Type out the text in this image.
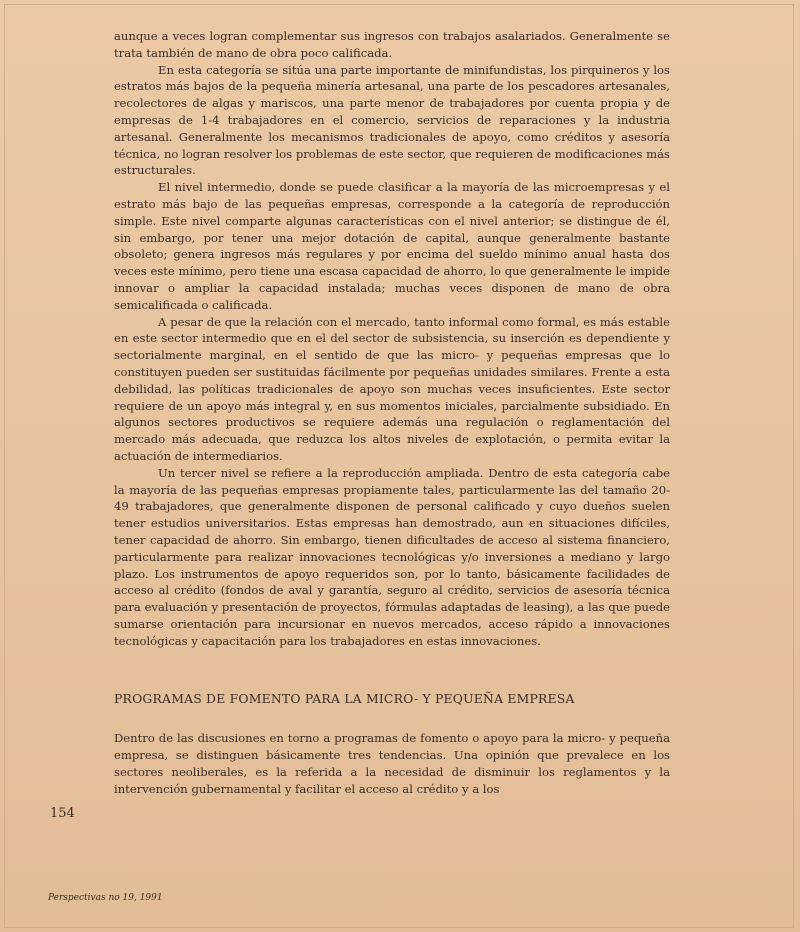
aunque a veces logran complementar sus ingresos con trabajos asalariados. Generalmente se trata también de mano de obra poco calificada.

En esta categoría se sitúa una parte importante de minifundistas, los pirquineros y los estratos más bajos de la pequeña minería artesanal, una parte de los pescadores artesanales, recolectores de algas y mariscos, una parte menor de trabajadores por cuenta propia y de empresas de 1-4 trabajadores en el comercio, servicios de reparaciones y la industria artesanal. Generalmente los mecanismos tradicionales de apoyo, como créditos y asesoría técnica, no logran resolver los problemas de este sector, que requieren de modificaciones más estructurales.

El nivel intermedio, donde se puede clasificar a la mayoría de las microempresas y el estrato más bajo de las pequeñas empresas, corresponde a la categoría de reproducción simple. Este nivel comparte algunas características con el nivel anterior; se distingue de él, sin embargo, por tener una mejor dotación de capital, aunque generalmente bastante obsoleto; genera ingresos más regulares y por encima del sueldo mínimo anual hasta dos veces este mínimo, pero tiene una escasa capacidad de ahorro, lo que generalmente le impide innovar o ampliar la capacidad instalada; muchas veces disponen de mano de obra semicalificada o calificada.

A pesar de que la relación con el mercado, tanto informal como formal, es más estable en este sector intermedio que en el del sector de subsistencia, su inserción es dependiente y sectorialmente marginal, en el sentido de que las micro- y pequeñas empresas que lo constituyen pueden ser sustituidas fácilmente por pequeñas unidades similares. Frente a esta debilidad, las políticas tradicionales de apoyo son muchas veces insuficientes. Este sector requiere de un apoyo más integral y, en sus momentos iniciales, parcialmente subsidiado. En algunos sectores productivos se requiere además una regulación o reglamentación del mercado más adecuada, que reduzca los altos niveles de explotación, o permita evitar la actuación de intermediarios.

Un tercer nivel se refiere a la reproducción ampliada. Dentro de esta categoría cabe la mayoría de las pequeñas empresas propiamente tales, particularmente las del tamaño 20-49 trabajadores, que generalmente disponen de personal calificado y cuyo dueños suelen tener estudios universitarios. Estas empresas han demostrado, aun en situaciones difíciles, tener capacidad de ahorro. Sin embargo, tienen dificultades de acceso al sistema financiero, particularmente para realizar innovaciones tecnológicas y/o inversiones a mediano y largo plazo. Los instrumentos de apoyo requeridos son, por lo tanto, básicamente facilidades de acceso al crédito (fondos de aval y garantía, seguro al crédito, servicios de asesoría técnica para evaluación y presentación de proyectos, fórmulas adaptadas de leasing), a las que puede sumarse orientación para incursionar en nuevos mercados, acceso rápido a innovaciones tecnológicas y capacitación para los trabajadores en estas innovaciones.

PROGRAMAS DE FOMENTO PARA LA MICRO- Y PEQUEÑA EMPRESA

Dentro de las discusiones en torno a programas de fomento o apoyo para la micro- y pequeña empresa, se distinguen básicamente tres tendencias. Una opinión que prevalece en los sectores neoliberales, es la referida a la necesidad de disminuir los reglamentos y la intervención gubernamental y facilitar el acceso al crédito y a los

154
Perspectivas no 19, 1991
